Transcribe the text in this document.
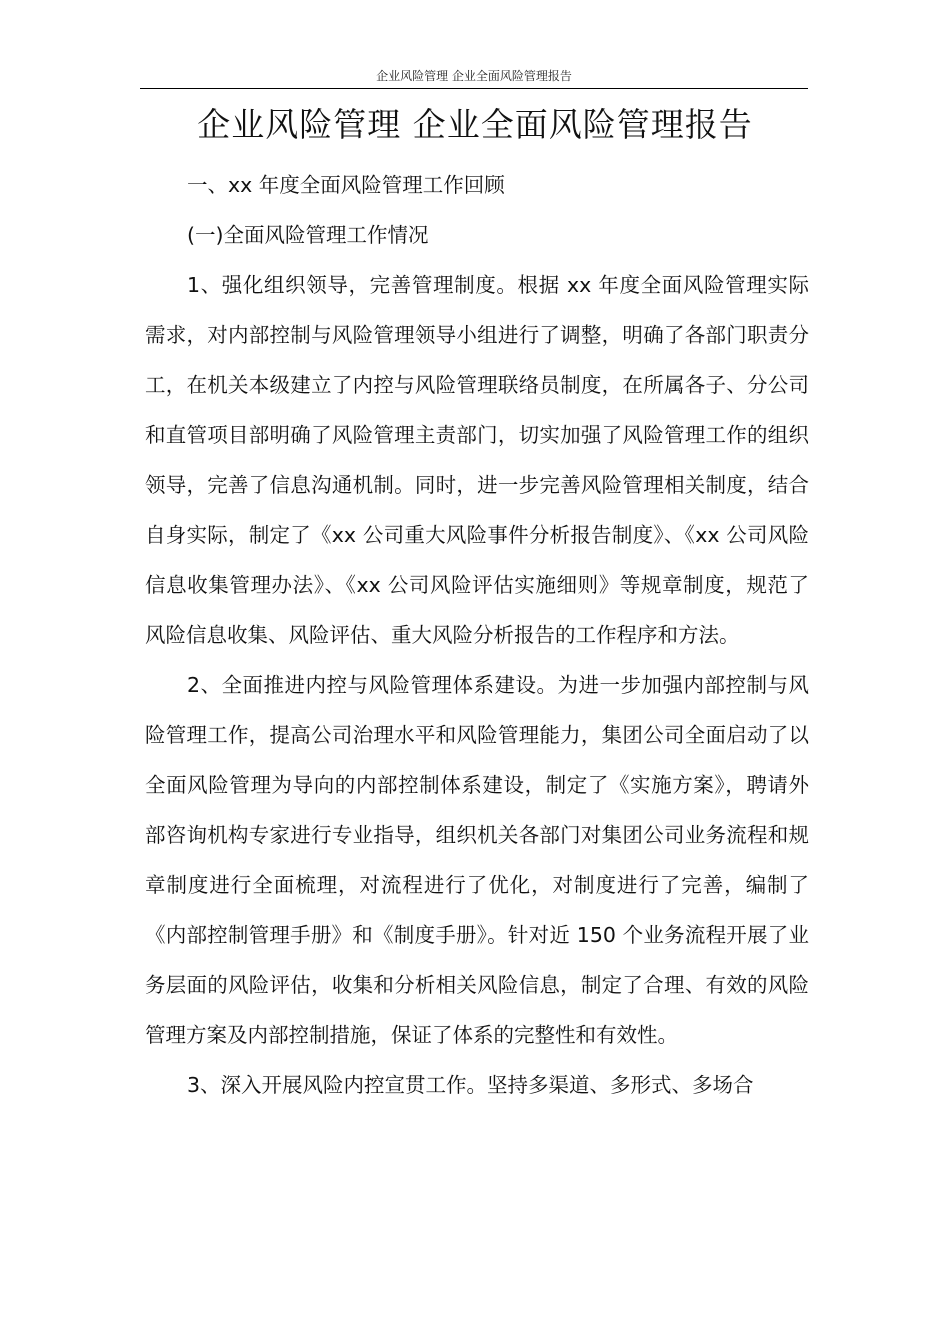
企业风险管理 企业全面风险管理报告
企业风险管理 企业全面风险管理报告
一、xx 年度全面风险管理工作回顾
(一)全面风险管理工作情况

1、强化组织领导，完善管理制度。根据 xx 年度全面风险管理实际需求，对内部控制与风险管理领导小组进行了调整，明确了各部门职责分工，在机关本级建立了内控与风险管理联络员制度，在所属各子、分公司和直管项目部明确了风险管理主责部门，切实加强了风险管理工作的组织领导，完善了信息沟通机制。同时，进一步完善风险管理相关制度，结合自身实际，制定了《xx 公司重大风险事件分析报告制度》、《xx 公司风险信息收集管理办法》、《xx 公司风险评估实施细则》等规章制度，规范了风险信息收集、风险评估、重大风险分析报告的工作程序和方法。

2、全面推进内控与风险管理体系建设。为进一步加强内部控制与风险管理工作，提高公司治理水平和风险管理能力，集团公司全面启动了以全面风险管理为导向的内部控制体系建设，制定了《实施方案》，聘请外部咨询机构专家进行专业指导，组织机关各部门对集团公司业务流程和规章制度进行全面梳理，对流程进行了优化，对制度进行了完善，编制了《内部控制管理手册》和《制度手册》。针对近 150 个业务流程开展了业务层面的风险评估，收集和分析相关风险信息，制定了合理、有效的风险管理方案及内部控制措施，保证了体系的完整性和有效性。

3、深入开展风险内控宣贯工作。坚持多渠道、多形式、多场合
